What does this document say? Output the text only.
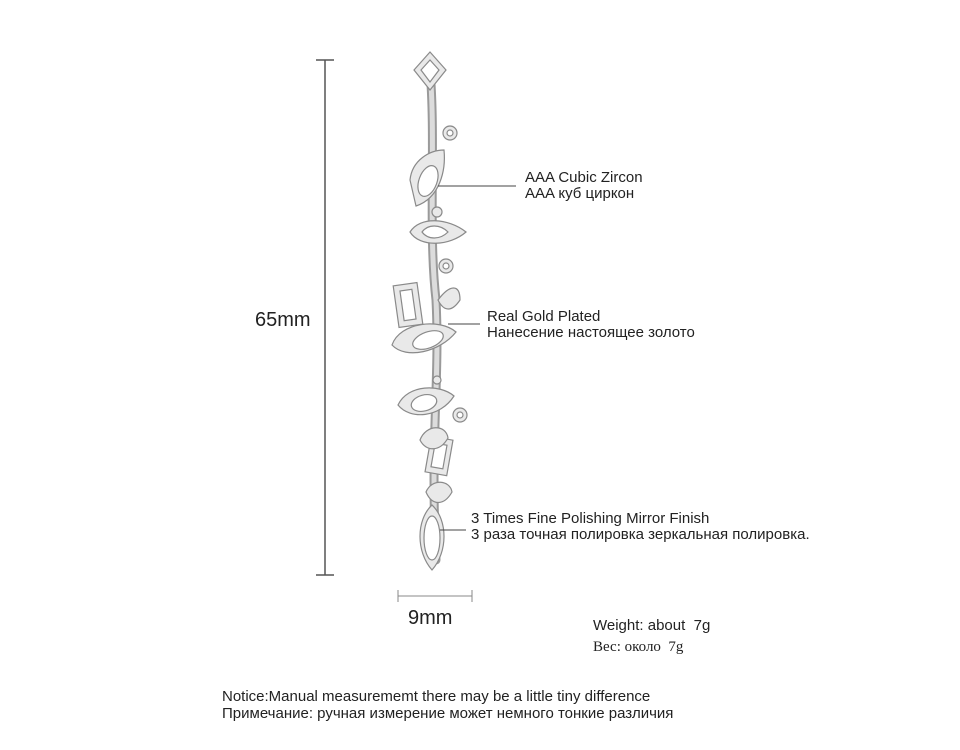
65mm
9mm
AAA Cubic Zircon
AAA куб циркон
Real Gold Plated
Нанесение настоящее золото
3 Times Fine Polishing Mirror Finish
3 раза точная полировка зеркальная полировка.
Weight: about  7g
Вес: около  7g
Notice:Manual measurememt there may be a little tiny difference
Примечание: ручная измерение может немного тонкие различия
